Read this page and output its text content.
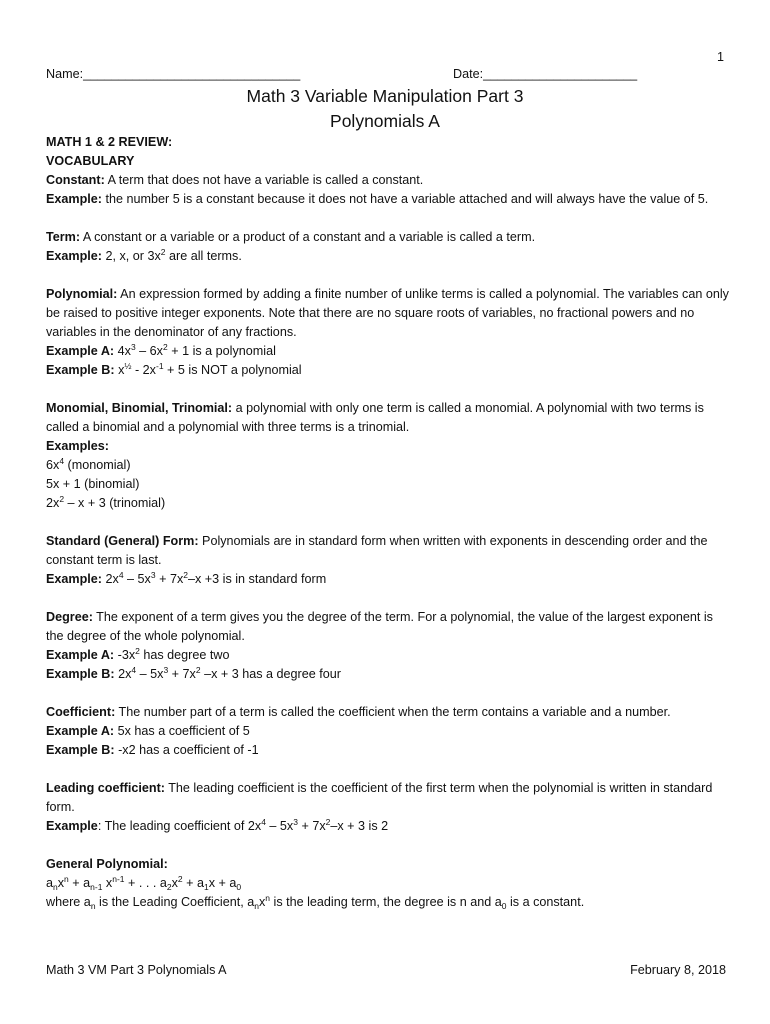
1
Name:_______________________________	Date:______________________
Math 3 Variable Manipulation Part 3
Polynomials A

MATH 1 & 2 REVIEW:

VOCABULARY

Constant: A term that does not have a variable is called a constant.

Example: the number 5 is a constant because it does not have a variable attached and will always have the value of 5.

Term: A constant or a variable or a product of a constant and a variable is called a term.

Example: 2, x, or $3x^2$ are all terms.

Polynomial: An expression formed by adding a finite number of unlike terms is called a polynomial. The variables can only be raised to positive integer exponents. Note that there are no square roots of variables, no fractional powers and no variables in the denominator of any fractions.

Example A: $4x^3 - 6x^2 + 1$ is a polynomial

Example B: $x^{\frac{1}{2}} - 2x^{-1} + 5$ is NOT a polynomial

Monomial, Binomial, Trinomial: a polynomial with only one term is called a monomial. A polynomial with two terms is called a binomial and a polynomial with three terms is a trinomial.

Examples:

$6x^4$ (monomial)

5x + 1 (binomial)

$2x^2 - x + 3$ (trinomial)

Standard (General) Form: Polynomials are in standard form when written with exponents in descending order and the constant term is last.

Example: $2x^4 - 5x^3 + 7x^2-x +3$ is in standard form

Degree: The exponent of a term gives you the degree of the term. For a polynomial, the value of the largest exponent is the degree of the whole polynomial.

Example A: $-3x^2$ has degree two

Example B: $2x^4 - 5x^3 + 7x^2$ –x + 3 has a degree four

Coefficient: The number part of a term is called the coefficient when the term contains a variable and a number.

Example A: 5x has a coefficient of 5

Example B: -x2 has a coefficient of -1

Leading coefficient: The leading coefficient is the coefficient of the first term when the polynomial is written in standard form.

Example: The leading coefficient of $2x^4 - 5x^3 + 7x^2-x + 3$ is 2

General Polynomial:

$a_nx^n + a_{n-1}$ $x^{n-1}$ + . . . $a_2x^2 + a_1x + a_0$

where $a_n$ is the Leading Coefficient, $a_nx^n$ is the leading term, the degree is n and $a_0$ is a constant.

Math 3 VM Part 3 Polynomials A	February 8, 2018
